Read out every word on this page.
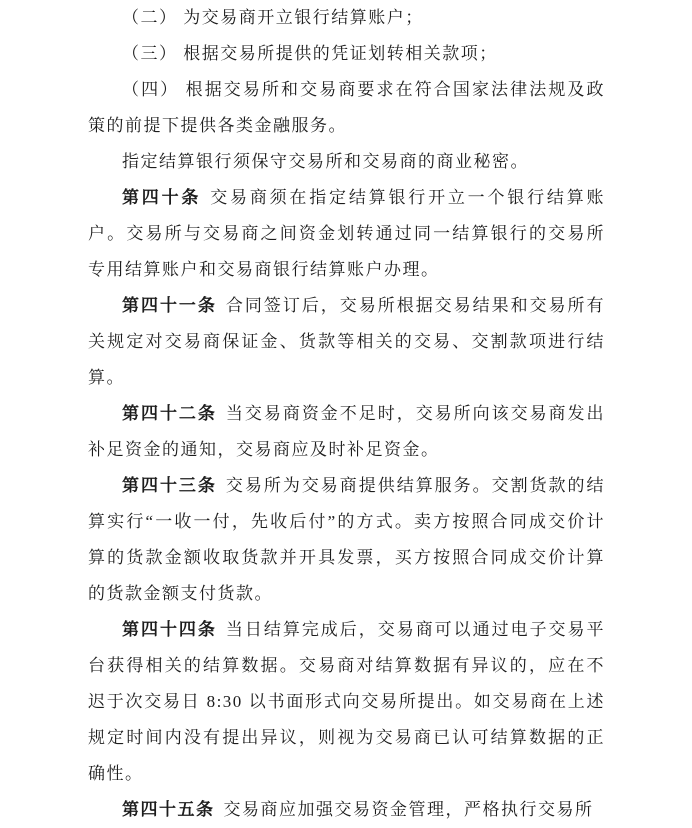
（二） 为交易商开立银行结算账户；

（三） 根据交易所提供的凭证划转相关款项；

（四） 根据交易所和交易商要求在符合国家法律法规及政策的前提下提供各类金融服务。

指定结算银行须保守交易所和交易商的商业秘密。

第四十条 交易商须在指定结算银行开立一个银行结算账户。交易所与交易商之间资金划转通过同一结算银行的交易所专用结算账户和交易商银行结算账户办理。

第四十一条 合同签订后，交易所根据交易结果和交易所有关规定对交易商保证金、货款等相关的交易、交割款项进行结算。

第四十二条 当交易商资金不足时，交易所向该交易商发出补足资金的通知，交易商应及时补足资金。

第四十三条 交易所为交易商提供结算服务。交割货款的结算实行“一收一付，先收后付”的方式。卖方按照合同成交价计算的货款金额收取货款并开具发票，买方按照合同成交价计算的货款金额支付货款。

第四十四条 当日结算完成后，交易商可以通过电子交易平台获得相关的结算数据。交易商对结算数据有异议的，应在不迟于次交易日 8:30 以书面形式向交易所提出。如交易商在上述规定时间内没有提出异议，则视为交易商已认可结算数据的正确性。

第四十五条 交易商应加强交易资金管理，严格执行交易所
